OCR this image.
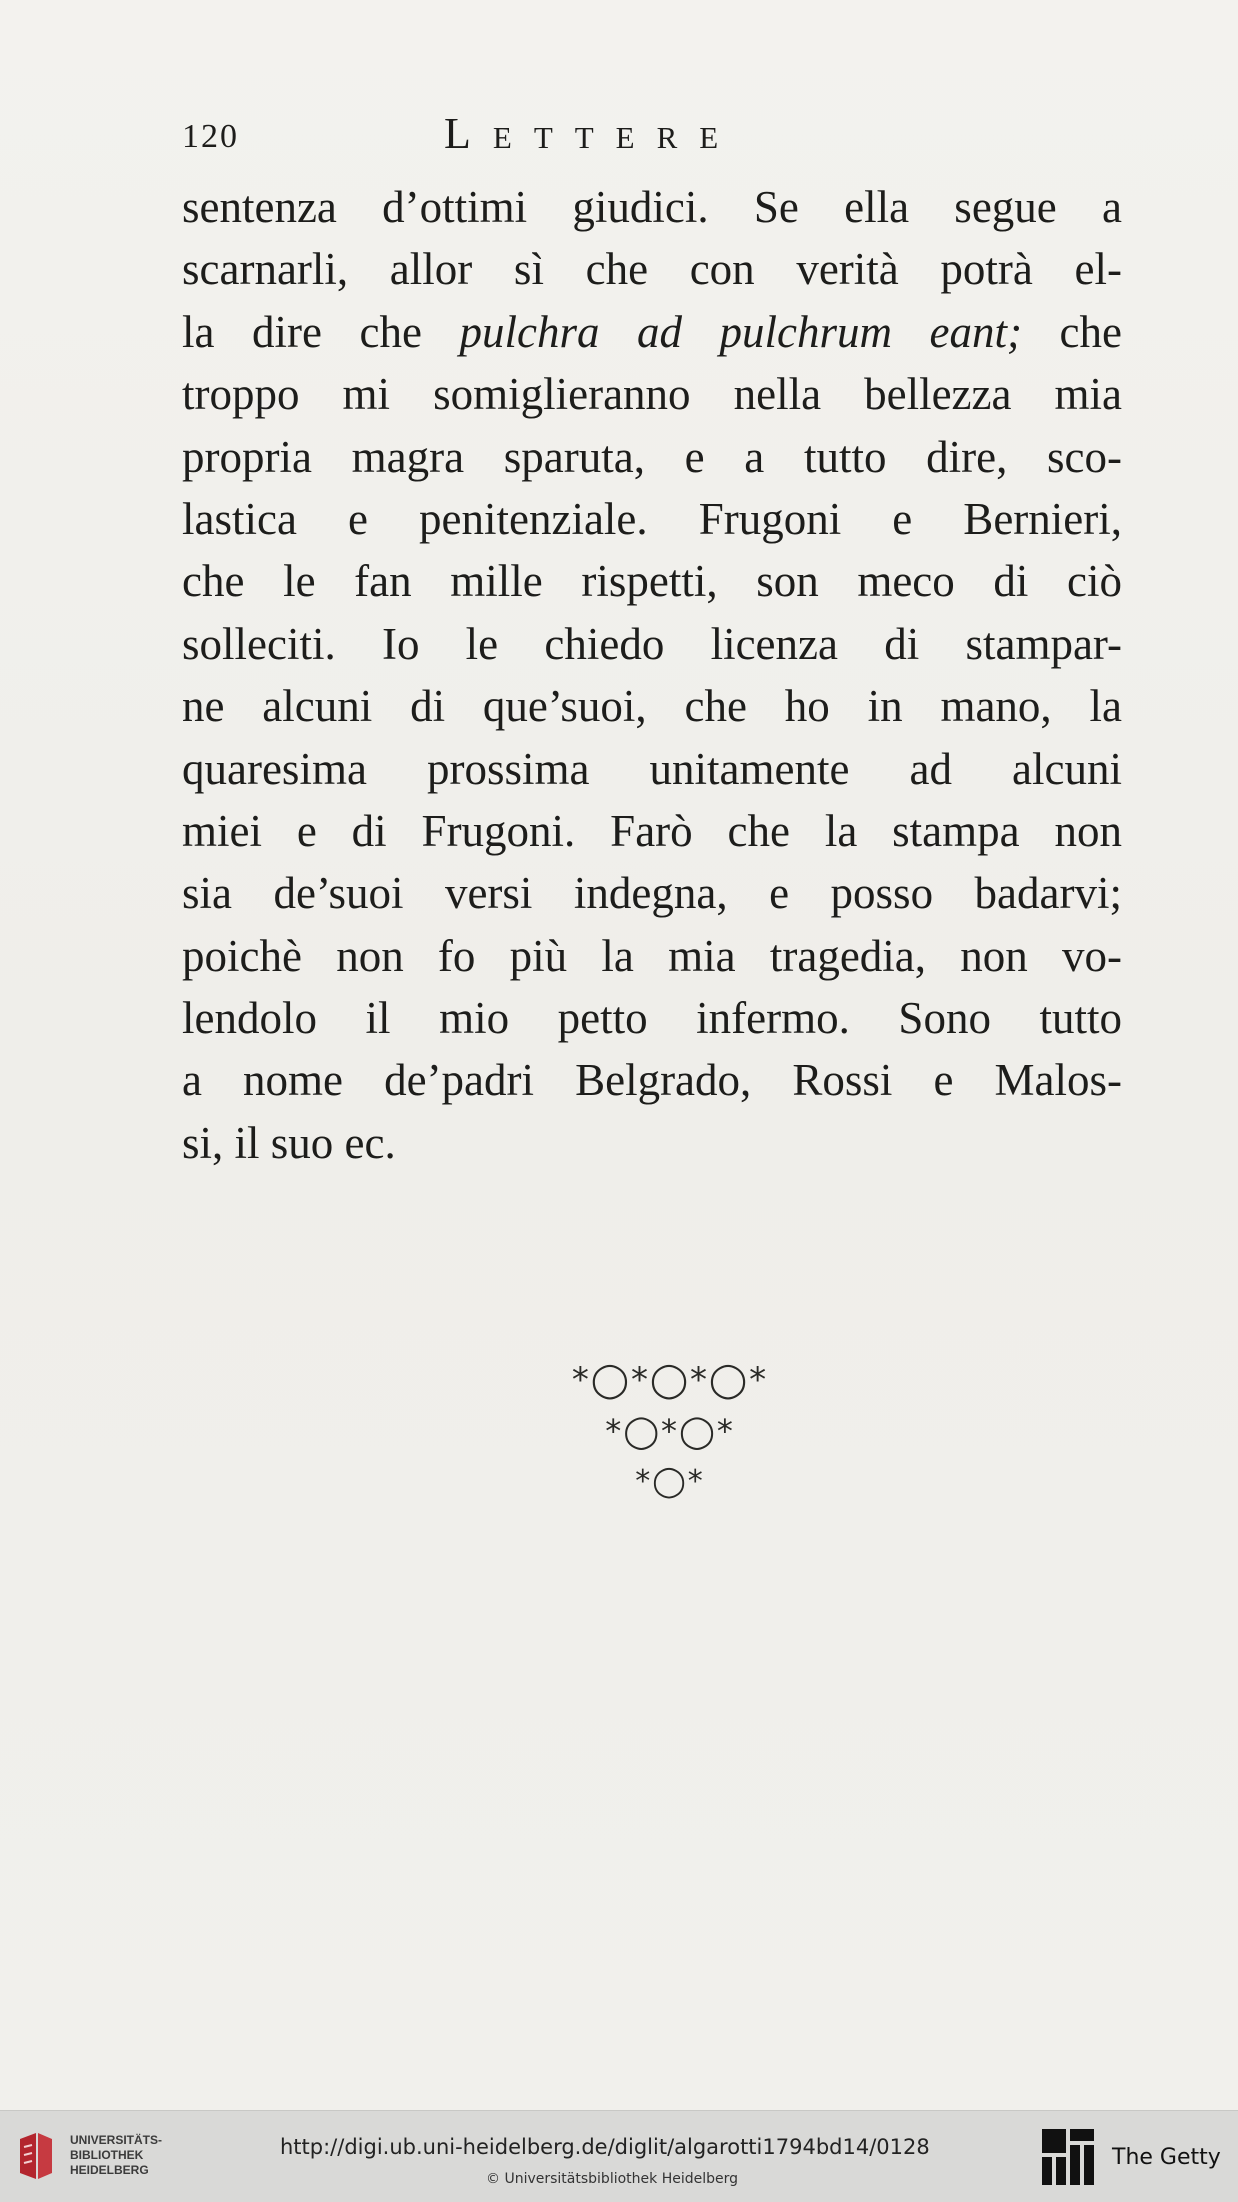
120	Lettere
sentenza d’ottimi giudici. Se ella segue a
scarnarli, allor sì che con verità potrà el-
la dire che pulchra ad pulchrum eant; che
troppo mi somiglieranno nella bellezza mia
propria magra sparuta, e a tutto dire, sco-
lastica e penitenziale. Frugoni e Bernieri,
che le fan mille rispetti, son meco di ciò
solleciti. Io le chiedo licenza di stampar-
ne alcuni di que’suoi, che ho in mano, la
quaresima prossima unitamente ad alcuni
miei e di Frugoni. Farò che la stampa non
sia de’suoi versi indegna, e posso badarvi;
poichè non fo più la mia tragedia, non vo-
lendolo il mio petto infermo. Sono tutto
a nome de’padri Belgrado, Rossi e Malos-
si, il suo ec.
*◯*◯*◯*
*◯*◯*
*◯*
UNIVERSITÄTS-
BIBLIOTHEK
HEIDELBERG
http://digi.ub.uni-heidelberg.de/diglit/algarotti1794bd14/0128
© Universitätsbibliothek Heidelberg
The Getty
